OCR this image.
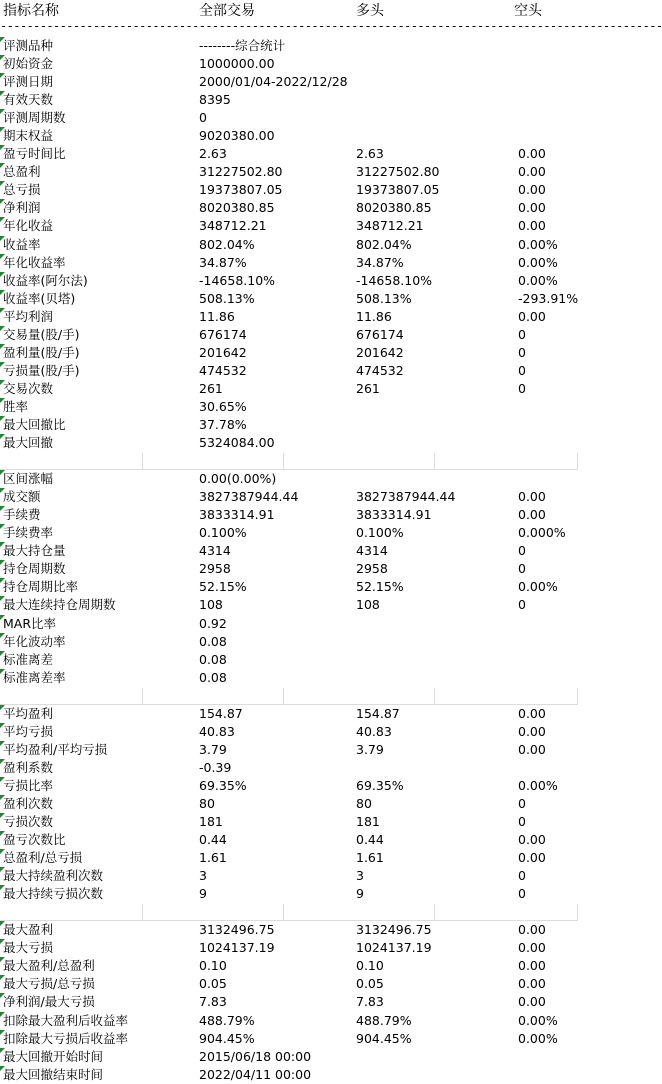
指标名称	全部交易	多头	空头
----------------------------------------------------------------------------------------------------
评测品种	--------综合统计
初始资金	1000000.00
评测日期	2000/01/04-2022/12/28
有效天数	8395
评测周期数	0
期末权益	9020380.00
盈亏时间比	2.63	2.63	0.00
总盈利	31227502.80	31227502.80	0.00
总亏损	19373807.05	19373807.05	0.00
净利润	8020380.85	8020380.85	0.00
年化收益	348712.21	348712.21	0.00
收益率	802.04%	802.04%	0.00%
年化收益率	34.87%	34.87%	0.00%
收益率(阿尔法)	-14658.10%	-14658.10%	0.00%
收益率(贝塔)	508.13%	508.13%	-293.91%
平均利润	11.86	11.86	0.00
交易量(股/手)	676174	676174	0
盈利量(股/手)	201642	201642	0
亏损量(股/手)	474532	474532	0
交易次数	261	261	0
胜率	30.65%
最大回撤比	37.78%
最大回撤	5324084.00
区间涨幅	0.00(0.00%)
成交额	3827387944.44	3827387944.44	0.00
手续费	3833314.91	3833314.91	0.00
手续费率	0.100%	0.100%	0.000%
最大持仓量	4314	4314	0
持仓周期数	2958	2958	0
持仓周期比率	52.15%	52.15%	0.00%
最大连续持仓周期数	108	108	0
MAR比率	0.92
年化波动率	0.08
标准离差	0.08
标准离差率	0.08
平均盈利	154.87	154.87	0.00
平均亏损	40.83	40.83	0.00
平均盈利/平均亏损	3.79	3.79	0.00
盈利系数	-0.39
亏损比率	69.35%	69.35%	0.00%
盈利次数	80	80	0
亏损次数	181	181	0
盈亏次数比	0.44	0.44	0.00
总盈利/总亏损	1.61	1.61	0.00
最大持续盈利次数	3	3	0
最大持续亏损次数	9	9	0
最大盈利	3132496.75	3132496.75	0.00
最大亏损	1024137.19	1024137.19	0.00
最大盈利/总盈利	0.10	0.10	0.00
最大亏损/总亏损	0.05	0.05	0.00
净利润/最大亏损	7.83	7.83	0.00
扣除最大盈利后收益率	488.79%	488.79%	0.00%
扣除最大亏损后收益率	904.45%	904.45%	0.00%
最大回撤开始时间	2015/06/18 00:00
最大回撤结束时间	2022/04/11 00:00
